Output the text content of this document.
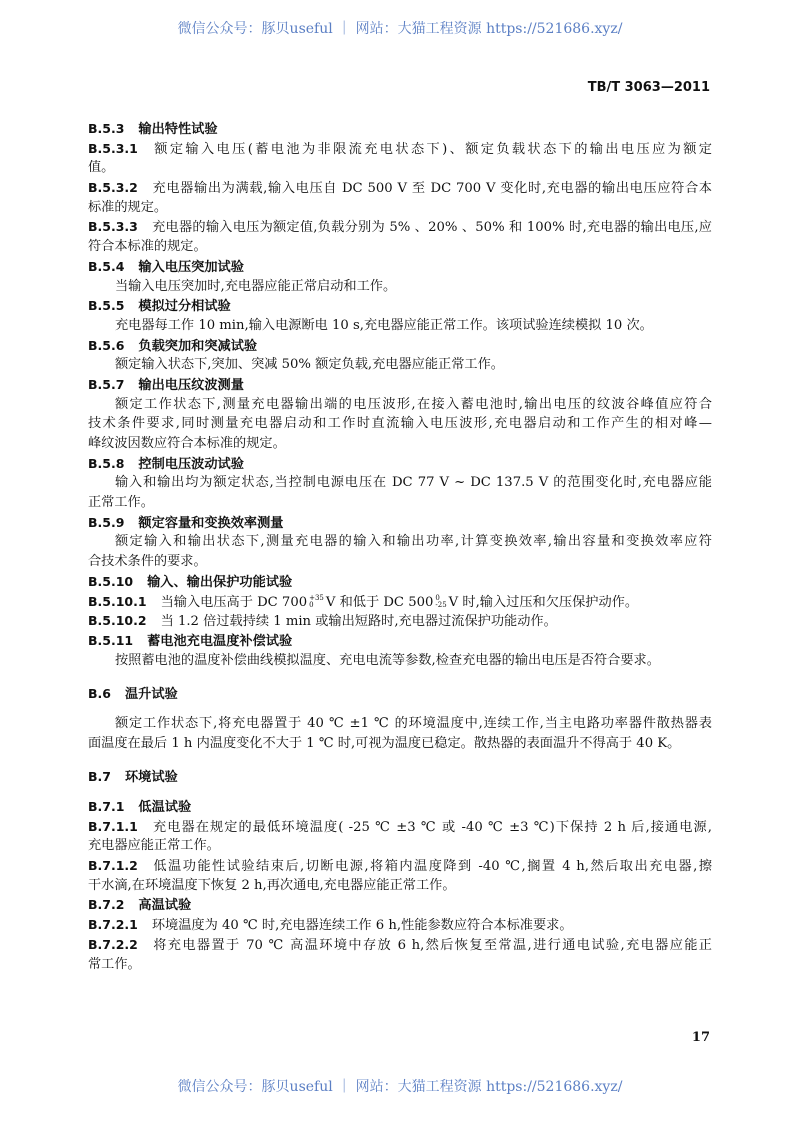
微信公众号：豚贝useful ｜ 网站：大猫工程资源 https://521686.xyz/
TB/T 3063—2011
B.5.3 输出特性试验
B.5.3.1 额定输入电压(蓄电池为非限流充电状态下)、额定负载状态下的输出电压应为额定
值。
B.5.3.2 充电器输出为满载,输入电压自 DC 500 V 至 DC 700 V 变化时,充电器的输出电压应符合本
标准的规定。
B.5.3.3 充电器的输入电压为额定值,负载分别为 5% 、20% 、50% 和 100% 时,充电器的输出电压,应
符合本标准的规定。
B.5.4 输入电压突加试验
当输入电压突加时,充电器应能正常启动和工作。
B.5.5 模拟过分相试验
充电器每工作 10 min,输入电源断电 10 s,充电器应能正常工作。该项试验连续模拟 10 次。
B.5.6 负载突加和突减试验
额定输入状态下,突加、突减 50% 额定负载,充电器应能正常工作。
B.5.7 输出电压纹波测量
额定工作状态下,测量充电器输出端的电压波形,在接入蓄电池时,输出电压的纹波谷峰值应符合
技术条件要求,同时测量充电器启动和工作时直流输入电压波形,充电器启动和工作产生的相对峰—
峰纹波因数应符合本标准的规定。
B.5.8 控制电压波动试验
输入和输出均为额定状态,当控制电源电压在 DC 77 V ~ DC 137.5 V 的范围变化时,充电器应能
正常工作。
B.5.9 额定容量和变换效率测量
额定输入和输出状态下,测量充电器的输入和输出功率,计算变换效率,输出容量和变换效率应符
合技术条件的要求。
B.5.10 输入、输出保护功能试验
B.5.10.1 当输入电压高于 DC 700 +35
0 V 和低于 DC 500 0
-25 V 时,输入过压和欠压保护动作。
B.5.10.2 当 1.2 倍过载持续 1 min 或输出短路时,充电器过流保护功能动作。
B.5.11 蓄电池充电温度补偿试验
按照蓄电池的温度补偿曲线模拟温度、充电电流等参数,检查充电器的输出电压是否符合要求。
B.6 温升试验
额定工作状态下,将充电器置于 40 ℃ ±1 ℃ 的环境温度中,连续工作,当主电路功率器件散热器表
面温度在最后 1 h 内温度变化不大于 1 ℃ 时,可视为温度已稳定。散热器的表面温升不得高于 40 K。
B.7 环境试验
B.7.1 低温试验
B.7.1.1 充电器在规定的最低环境温度( -25 ℃ ±3 ℃ 或 -40 ℃ ±3 ℃)下保持 2 h 后,接通电源,
充电器应能正常工作。
B.7.1.2 低温功能性试验结束后,切断电源,将箱内温度降到 -40 ℃,搁置 4 h,然后取出充电器,擦
干水滴,在环境温度下恢复 2 h,再次通电,充电器应能正常工作。
B.7.2 高温试验
B.7.2.1 环境温度为 40 ℃ 时,充电器连续工作 6 h,性能参数应符合本标准要求。
B.7.2.2 将充电器置于 70 ℃ 高温环境中存放 6 h,然后恢复至常温,进行通电试验,充电器应能正
常工作。
17
微信公众号：豚贝useful ｜ 网站：大猫工程资源 https://521686.xyz/
